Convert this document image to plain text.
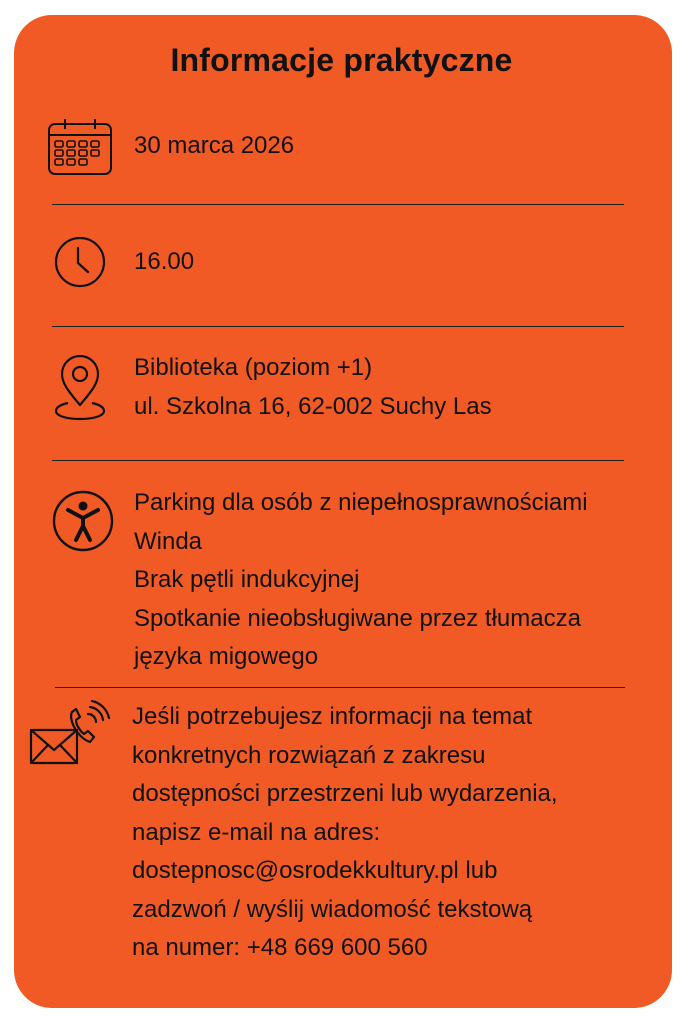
Informacje praktyczne
30 marca 2026
16.00
Biblioteka (poziom +1)
ul. Szkolna 16, 62-002 Suchy Las
Parking dla osób z niepełnosprawnościami
Winda
Brak pętli indukcyjnej
Spotkanie nieobsługiwane przez tłumacza
języka migowego
Jeśli potrzebujesz informacji na temat
konkretnych rozwiązań z zakresu
dostępności przestrzeni lub wydarzenia,
napisz e-mail na adres:
dostepnosc@osrodekkultury.pl lub
zadzwoń / wyślij wiadomość tekstową
na numer: +48 669 600 560
